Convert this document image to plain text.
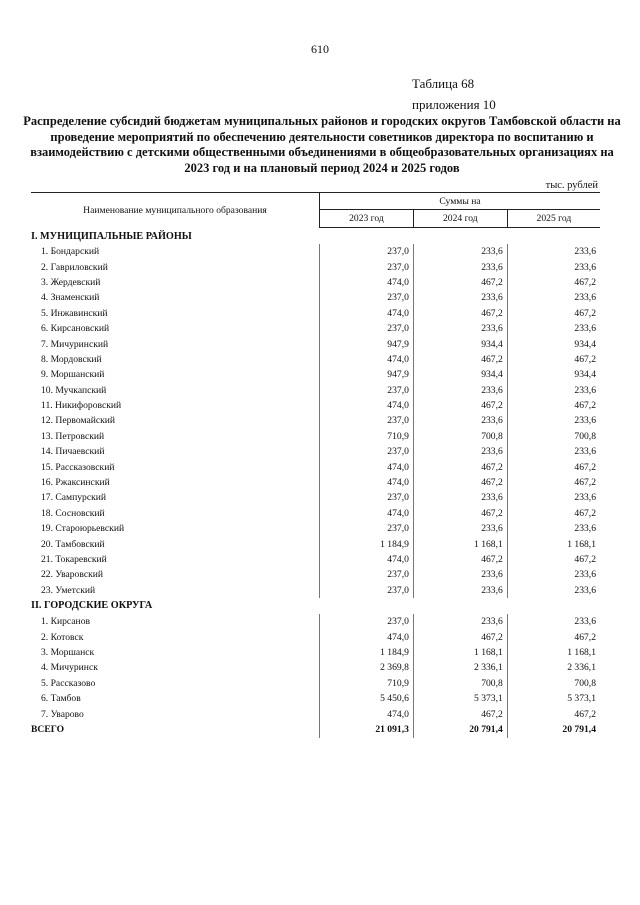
610
Таблица 68
приложения 10
Распределение субсидий бюджетам муниципальных районов и городских округов Тамбовской области на проведение мероприятий по обеспечению деятельности советников директора по воспитанию и взаимодействию с детскими общественными объединениями в общеобразовательных организациях на 2023 год и на плановый период 2024 и 2025 годов
тыс. рублей
Наименование муниципального образования	Суммы на		
	2023 год	2024 год	2025 год
I. МУНИЦИПАЛЬНЫЕ РАЙОНЫ			
1. Бондарский	237,0	233,6	233,6
2. Гавриловский	237,0	233,6	233,6
3. Жердевский	474,0	467,2	467,2
4. Знаменский	237,0	233,6	233,6
5. Инжавинский	474,0	467,2	467,2
6. Кирсановский	237,0	233,6	233,6
7. Мичуринский	947,9	934,4	934,4
8. Мордовский	474,0	467,2	467,2
9. Моршанский	947,9	934,4	934,4
10. Мучкапский	237,0	233,6	233,6
11. Никифоровский	474,0	467,2	467,2
12. Первомайский	237,0	233,6	233,6
13. Петровский	710,9	700,8	700,8
14. Пичаевский	237,0	233,6	233,6
15. Рассказовский	474,0	467,2	467,2
16. Ржаксинский	474,0	467,2	467,2
17. Сампурский	237,0	233,6	233,6
18. Сосновский	474,0	467,2	467,2
19. Староюрьевский	237,0	233,6	233,6
20. Тамбовский	1 184,9	1 168,1	1 168,1
21. Токаревский	474,0	467,2	467,2
22. Уваровский	237,0	233,6	233,6
23. Уметский	237,0	233,6	233,6
II. ГОРОДСКИЕ ОКРУГА			
1. Кирсанов	237,0	233,6	233,6
2. Котовск	474,0	467,2	467,2
3. Моршанск	1 184,9	1 168,1	1 168,1
4. Мичуринск	2 369,8	2 336,1	2 336,1
5. Рассказово	710,9	700,8	700,8
6. Тамбов	5 450,6	5 373,1	5 373,1
7. Уварово	474,0	467,2	467,2
ВСЕГО	21 091,3	20 791,4	20 791,4
